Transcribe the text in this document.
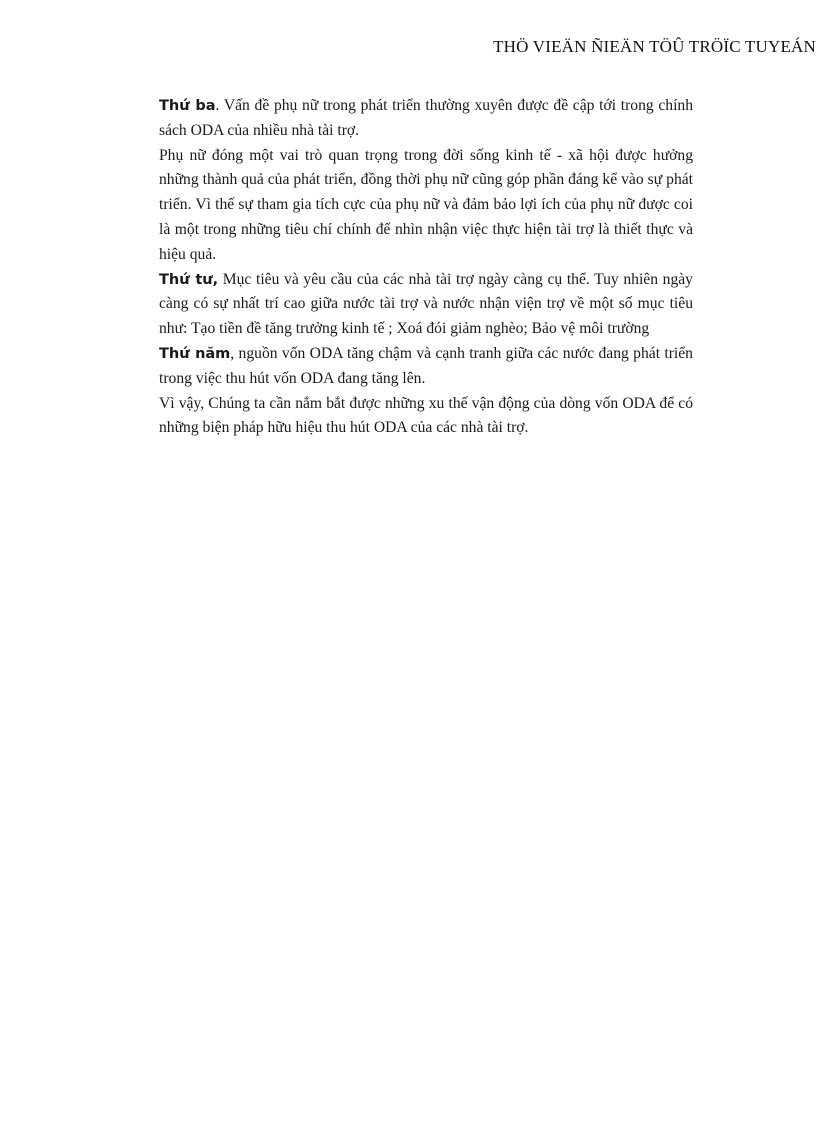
THÖ VIEÄN ÑIEÄN TÖÛ TRÖÏC TUYEÁN

Thứ ba. Vấn đề phụ nữ trong phát triển thường xuyên được đề cập tới trong chính sách ODA của nhiều nhà tài trợ.

Phụ nữ đóng một vai trò quan trọng trong đời sống kinh tế - xã hội được hưởng những thành quả của phát triển, đồng thời phụ nữ cũng góp phần đáng kể vào sự phát triển. Vì thế sự tham gia tích cực của phụ nữ và đảm bảo lợi ích của phụ nữ được coi là một trong những tiêu chí chính để nhìn nhận việc thực hiện tài trợ là thiết thực và hiệu quả.

Thứ tư, Mục tiêu và yêu cầu của các nhà tài trợ ngày càng cụ thể. Tuy nhiên ngày càng có sự nhất trí cao giữa nước tài trợ và nước nhận viện trợ về một số mục tiêu như: Tạo tiền đề tăng trưởng kinh tế ; Xoá đói giảm nghèo; Bảo vệ môi trường

Thứ năm, nguồn vốn ODA tăng chậm và cạnh tranh giữa các nước đang phát triển trong việc thu hút vốn ODA đang tăng lên.

Vì vậy, Chúng ta cần nắm bắt được những xu thế vận động của dòng vốn ODA để có những biện pháp hữu hiệu thu hút ODA của các nhà tài trợ.
